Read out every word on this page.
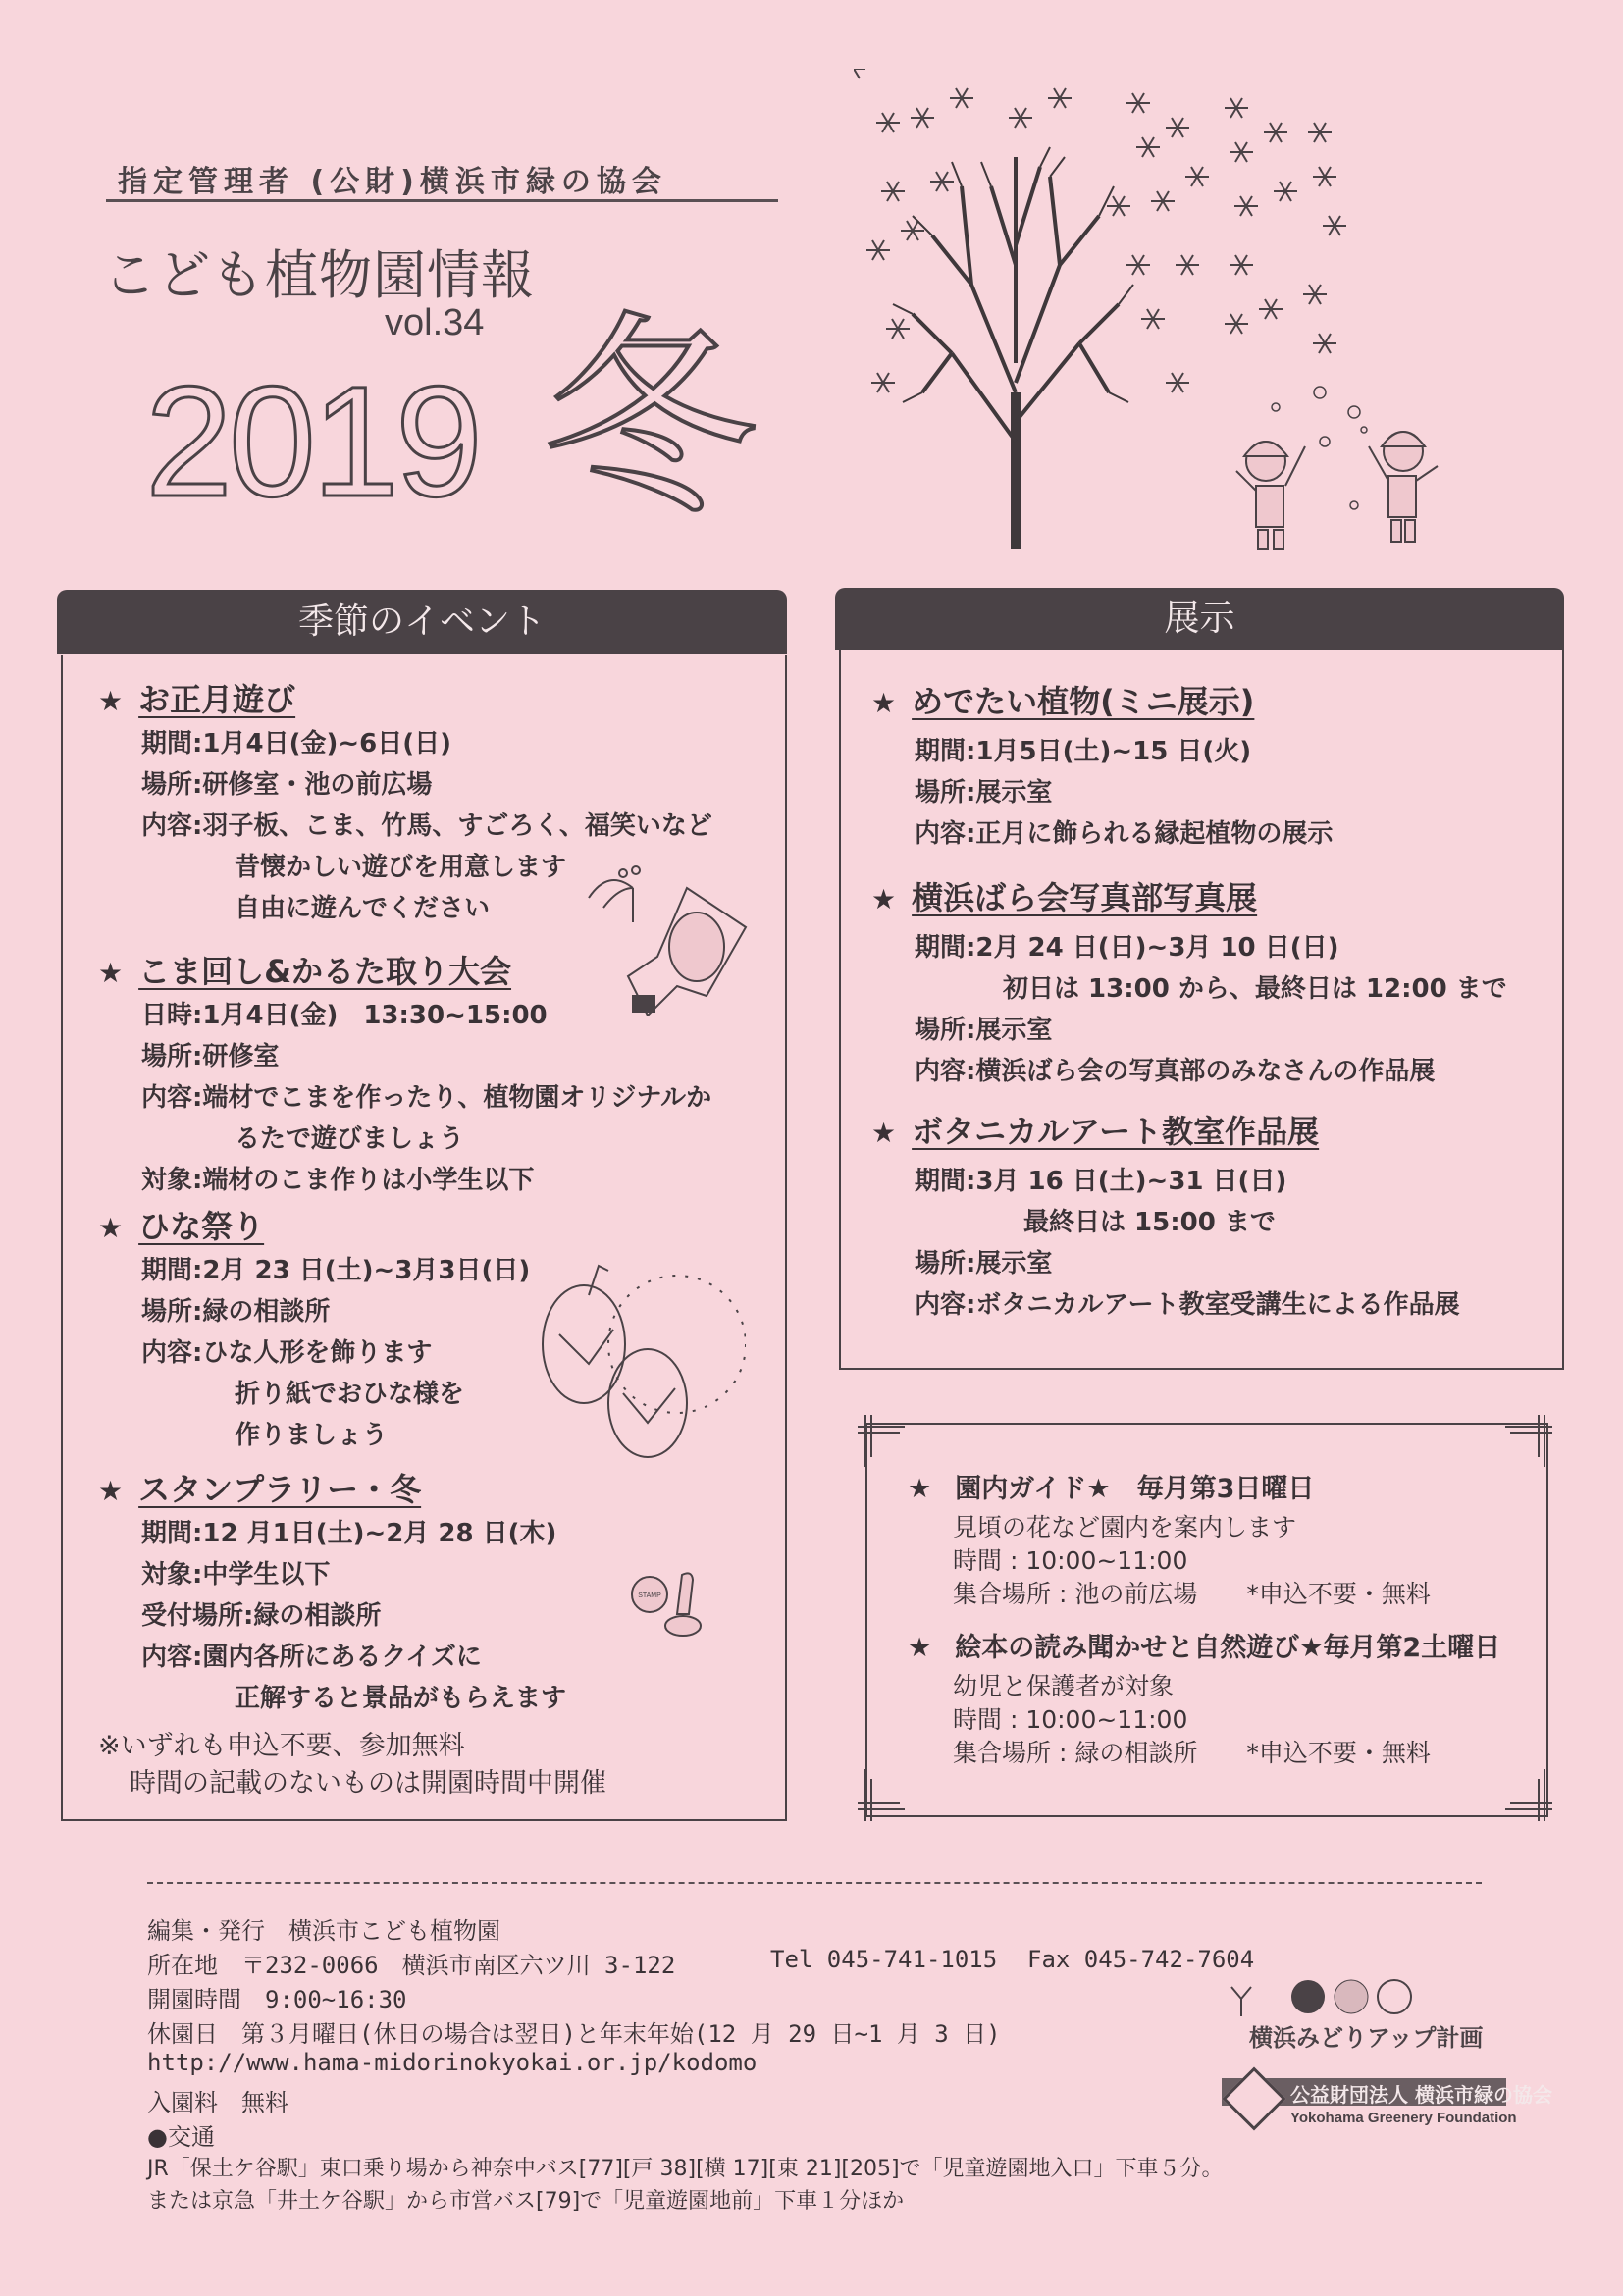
指定管理者 (公財)横浜市緑の協会
こども植物園情報
vol.34
2019 冬
季節のイベント
★ お正月遊び
期間:1月4日(金)~6日(日)
場所:研修室・池の前広場
内容:羽子板、こま、竹馬、すごろく、福笑いなど
昔懐かしい遊びを用意します
自由に遊んでください
★ こま回し&かるた取り大会
日時:1月4日(金)　13:30~15:00
場所:研修室
内容:端材でこまを作ったり、植物園オリジナルか
るたで遊びましょう
対象:端材のこま作りは小学生以下
★ ひな祭り
期間:2月 23 日(土)~3月3日(日)
場所:緑の相談所
内容:ひな人形を飾ります
折り紙でおひな様を
作りましょう
★ スタンプラリー・冬
期間:12 月1日(土)~2月 28 日(木)
対象:中学生以下
受付場所:緑の相談所
内容:園内各所にあるクイズに
正解すると景品がもらえます
STAMP
※いずれも申込不要、参加無料
時間の記載のないものは開園時間中開催
展示
★ めでたい植物(ミニ展示)
期間:1月5日(土)~15 日(火)
場所:展示室
内容:正月に飾られる縁起植物の展示
★ 横浜ばら会写真部写真展
期間:2月 24 日(日)~3月 10 日(日)
初日は 13:00 から、最終日は 12:00 まで
場所:展示室
内容:横浜ばら会の写真部のみなさんの作品展
★ ボタニカルアート教室作品展
期間:3月 16 日(土)~31 日(日)
最終日は 15:00 まで
場所:展示室
内容:ボタニカルアート教室受講生による作品展
★ 園内ガイド★　毎月第3日曜日
見頃の花など園内を案内します
時間 : 10:00~11:00
集合場所 : 池の前広場　　*申込不要・無料
★ 絵本の読み聞かせと自然遊び★毎月第2土曜日
幼児と保護者が対象
時間 : 10:00~11:00
集合場所 : 緑の相談所　　*申込不要・無料
編集・発行　横浜市こども植物園
所在地　〒232-0066　横浜市南区六ツ川 3-122	Tel 045-741-1015 Fax 045-742-7604
開園時間　9:00~16:30
休園日　第３月曜日(休日の場合は翌日)と年末年始(12 月 29 日~1 月 3 日)
http://www.hama-midorinokyokai.or.jp/kodomo
入園料　無料
●交通
JR「保土ケ谷駅」東口乗り場から神奈中バス[77][戸 38][横 17][東 21][205]で「児童遊園地入口」下車５分。
または京急「井土ケ谷駅」から市営バス[79]で「児童遊園地前」下車１分ほか
横浜みどりアップ計画
公益財団法人 横浜市緑の協会
Yokohama Greenery Foundation
